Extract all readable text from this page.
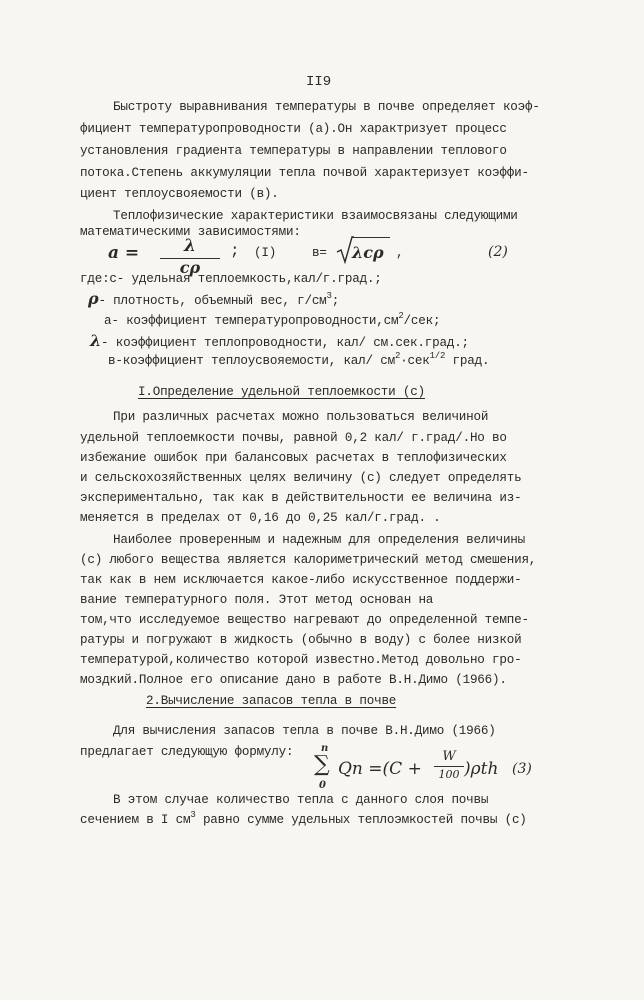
II9
Быстроту выравнивания температуры в почве определяет коэф-
фициент температуропроводности (а).Он характризует процесс
установления градиента температуры в направлении теплового
потока.Степень аккумуляции тепла почвой характеризует коэффи-
циент теплоусвояемости (в).
Теплофизические характеристики взаимосвязаны следующими
математическими зависимостями:
a =	λ
cρ
; (I)	в= λcρ ,	(2)
где:с- удельная теплоемкость,кал/г.град.;
ρ- плотность, объемный вес, $г/см^3$;
а- коэффициент $температуропроводности,см^2$/сек;
λ- коэффициент теплопроводности, кал/ см.сек.град.;
в-коэффициент теплоусвояемости, кал/ $см^2\cdot сек^{1/2}$ град.
I.Определение удельной теплоемкости (с)
При различных расчетах можно пользоваться величиной
удельной теплоемкости почвы, равной 0,2 кал/ г.град/.Но во
избежание ошибок при балансовых расчетах в теплофизических
и сельскохозяйственных целях величину (с) следует определять
экспериментально, так как в действительности ее величина из-
меняется в пределах от 0,16 до 0,25 кал/г.град. .
Наиболее проверенным и надежным для определения величины
(с) любого вещества является калориметрический метод смешения,
так как в нем исключается какое-либо искусственное поддержи-
вание температурного поля. Этот метод основан на
том,что исследуемое вещество нагревают до определенной темпе-
ратуры и погружают в жидкость (обычно в воду) с более низкой
температурой,количество которой известно.Метод довольно гро-
моздкий.Полное его описание дано в работе В.Н.Димо (1966).
2.Вычисление запасов тепла в почве
Для вычисления запасов тепла в почве В.Н.Димо (1966)
предлагает следующую формулу:	n
∑
0
Qn =(C +
W
100 )ρth (3)
В этом случае количество тепла с данного слоя почвы
сечением в I $см^3$ равно сумме удельных теплоэмкостей почвы (с)
